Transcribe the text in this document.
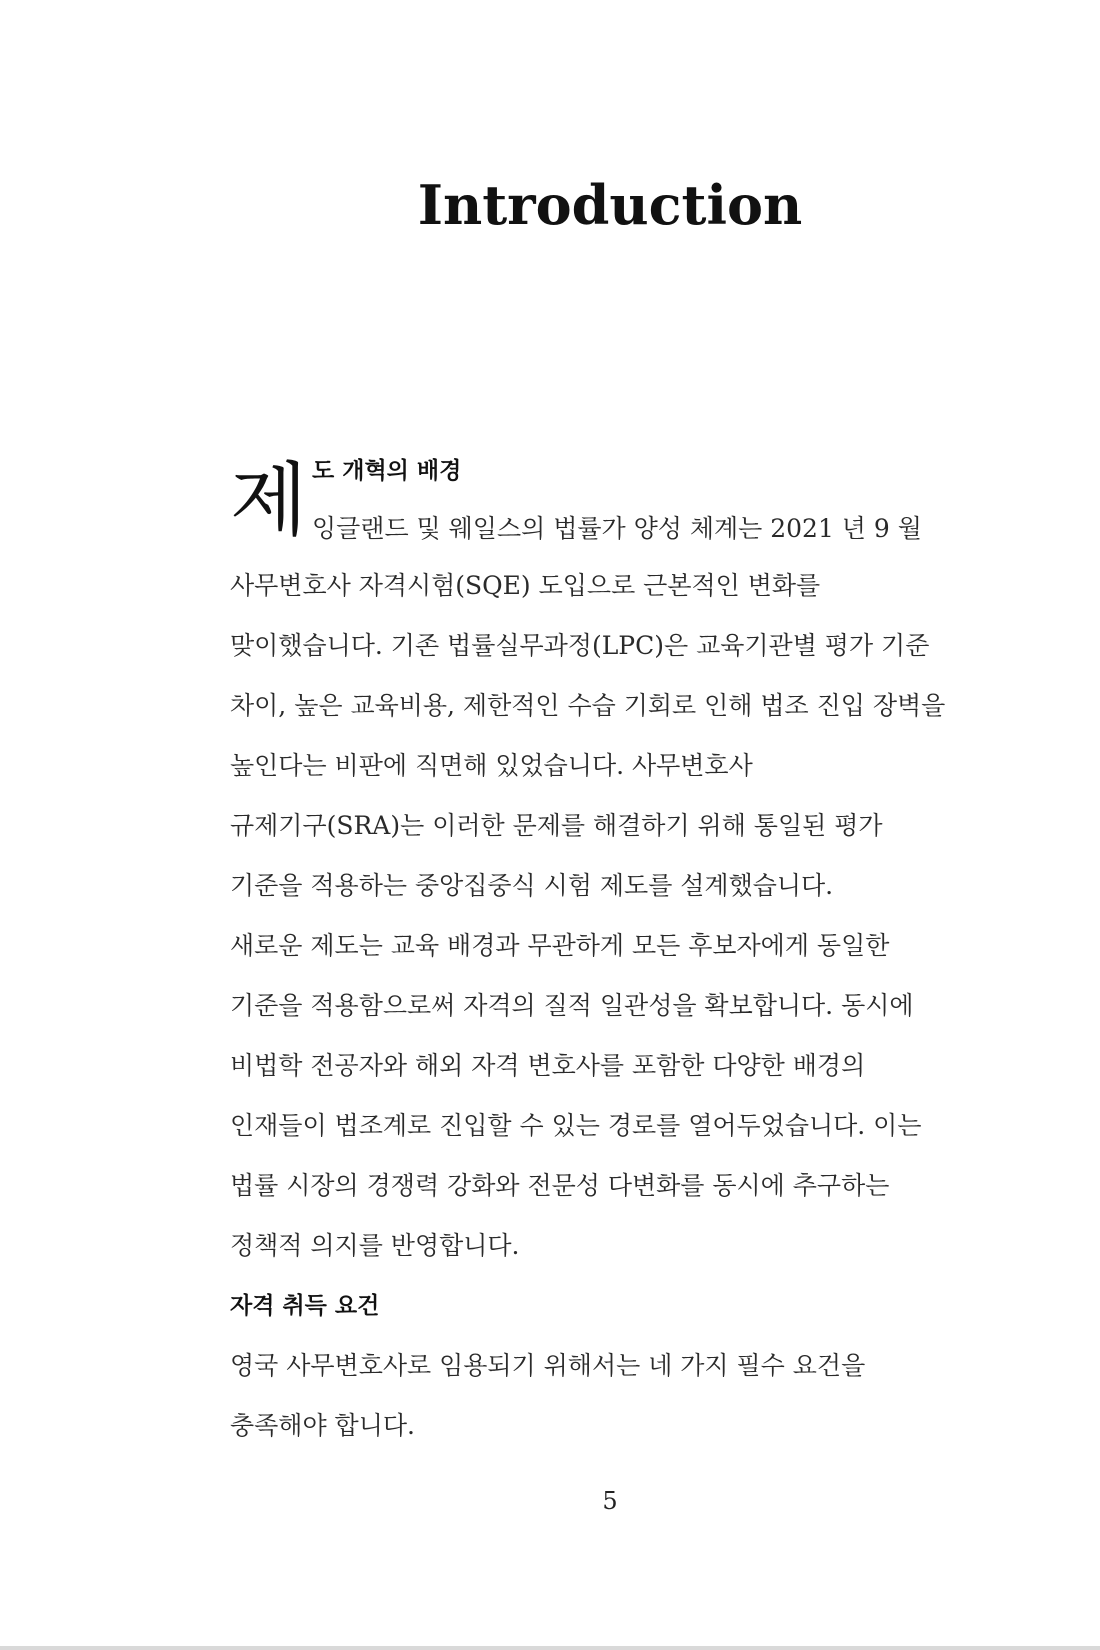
Introduction
제 도 개혁의 배경
잉글랜드 및 웨일스의 법률가 양성 체계는 2021 년 9 월
사무변호사 자격시험(SQE) 도입으로 근본적인 변화를
맞이했습니다. 기존 법률실무과정(LPC)은 교육기관별 평가 기준
차이, 높은 교육비용, 제한적인 수습 기회로 인해 법조 진입 장벽을
높인다는 비판에 직면해 있었습니다. 사무변호사
규제기구(SRA)는 이러한 문제를 해결하기 위해 통일된 평가
기준을 적용하는 중앙집중식 시험 제도를 설계했습니다.
새로운 제도는 교육 배경과 무관하게 모든 후보자에게 동일한
기준을 적용함으로써 자격의 질적 일관성을 확보합니다. 동시에
비법학 전공자와 해외 자격 변호사를 포함한 다양한 배경의
인재들이 법조계로 진입할 수 있는 경로를 열어두었습니다. 이는
법률 시장의 경쟁력 강화와 전문성 다변화를 동시에 추구하는
정책적 의지를 반영합니다.
자격 취득 요건
영국 사무변호사로 임용되기 위해서는 네 가지 필수 요건을
충족해야 합니다.
5
